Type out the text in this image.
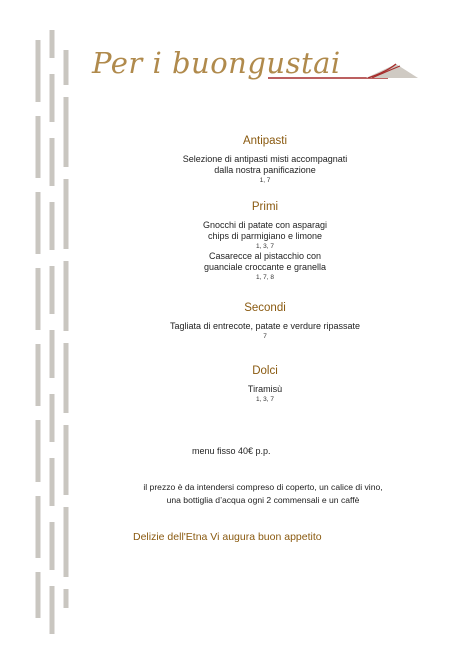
Per i buongustai

Antipasti

Selezione di antipasti misti accompagnati

dalla nostra panificazione

1, 7

Primi

Gnocchi di patate con asparagi

chips di parmigiano e limone

1, 3, 7

Casarecce al pistacchio con

guanciale croccante e granella

1, 7, 8

Secondi

Tagliata di entrecote, patate e verdure ripassate

7

Dolci

Tiramisù

1, 3, 7

menu fisso 40€ p.p.
il prezzo è da intendersi compreso di coperto, un calice di vino,
una bottiglia d’acqua ogni 2 commensali e un caffè
Delizie dell'Etna Vi augura buon appetito
